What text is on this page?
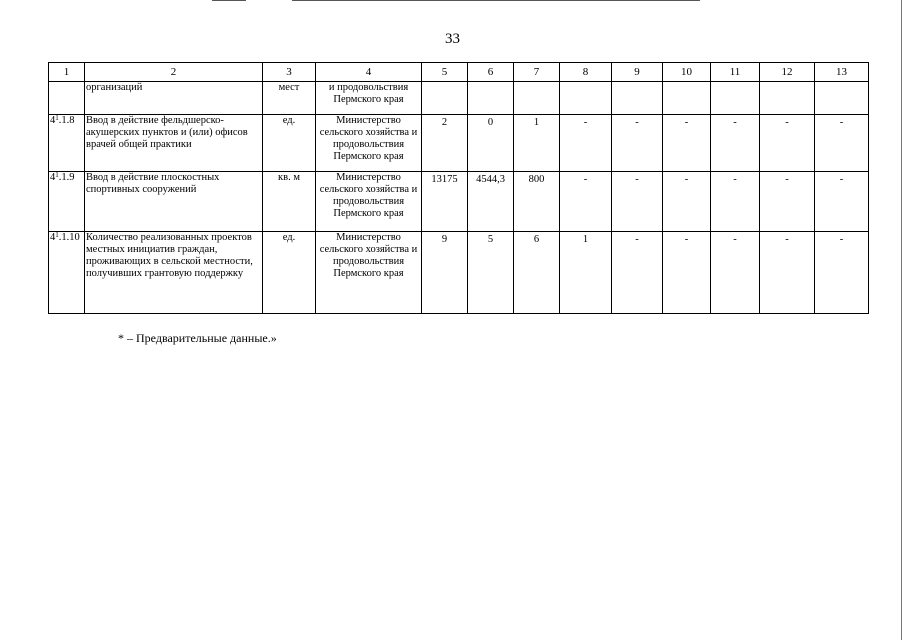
33
1	2	3	4	5	6	7	8	9	10	11	12	13
	организаций	мест	и продовольствия Пермского края									
$4^1.1.8$	Ввод в действие фельдшерско-акушерских пунктов и (или) офисов врачей общей практики	ед.	Министерство сельского хозяйства и продовольствия Пермского края	2	0	1	-	-	-	-	-	-
$4^1.1.9$	Ввод в действие плоскостных спортивных сооружений	кв. м	Министерство сельского хозяйства и продовольствия Пермского края	13175	4544,3	800	-	-	-	-	-	-
$4^1.1.10$	Количество реализованных проектов местных инициатив граждан, проживающих в сельской местности, получивших грантовую поддержку	ед.	Министерство сельского хозяйства и продовольствия Пермского края	9	5	6	1	-	-	-	-	-
* – Предварительные данные.»
